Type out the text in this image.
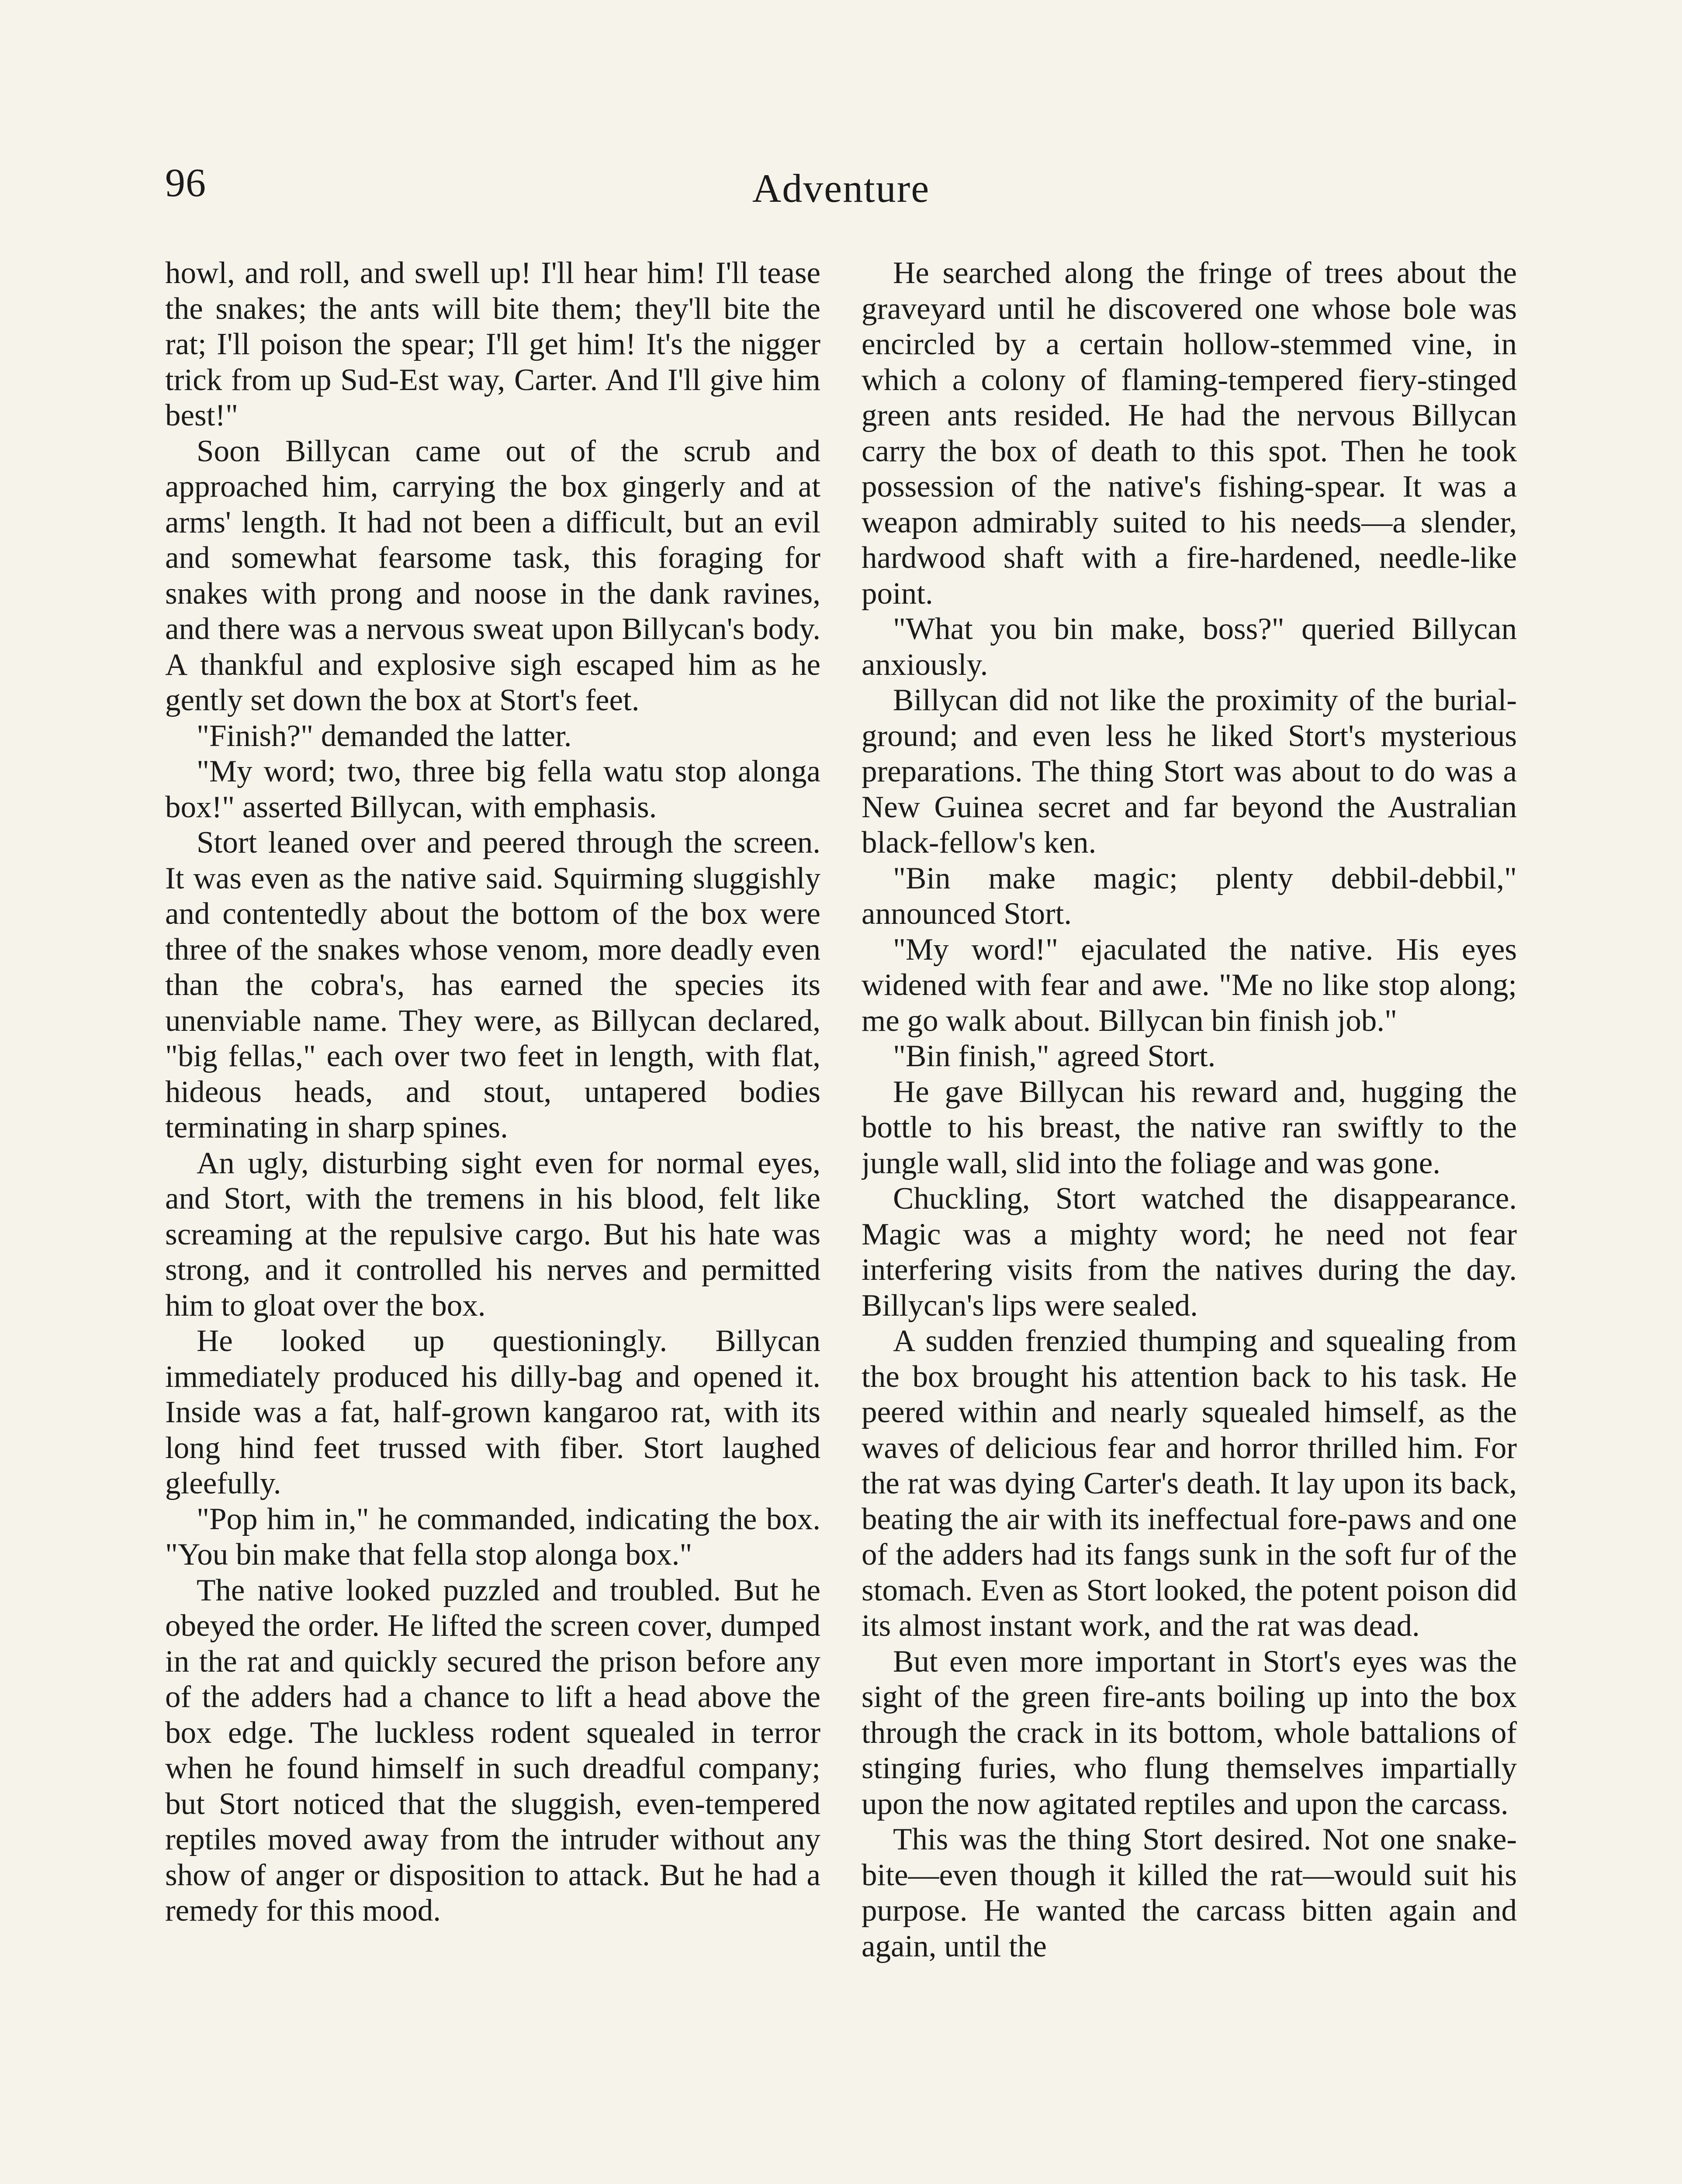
96	Adventure

howl, and roll, and swell up! I'll hear him! I'll tease the snakes; the ants will bite them; they'll bite the rat; I'll poison the spear; I'll get him! It's the nigger trick from up Sud-Est way, Carter. And I'll give him best!"

Soon Billycan came out of the scrub and approached him, carrying the box gingerly and at arms' length. It had not been a difficult, but an evil and somewhat fearsome task, this foraging for snakes with prong and noose in the dank ravines, and there was a nervous sweat upon Billycan's body. A thankful and explosive sigh escaped him as he gently set down the box at Stort's feet.

"Finish?" demanded the latter.

"My word; two, three big fella watu stop alonga box!" asserted Billycan, with emphasis.

Stort leaned over and peered through the screen. It was even as the native said. Squirming sluggishly and contentedly about the bottom of the box were three of the snakes whose venom, more deadly even than the cobra's, has earned the species its unenviable name. They were, as Billycan declared, "big fellas," each over two feet in length, with flat, hideous heads, and stout, untapered bodies terminating in sharp spines.

An ugly, disturbing sight even for normal eyes, and Stort, with the tremens in his blood, felt like screaming at the repulsive cargo. But his hate was strong, and it controlled his nerves and permitted him to gloat over the box.

He looked up questioningly. Billycan immediately produced his dilly-bag and opened it. Inside was a fat, half-grown kangaroo rat, with its long hind feet trussed with fiber. Stort laughed gleefully.

"Pop him in," he commanded, indicating the box. "You bin make that fella stop alonga box."

The native looked puzzled and troubled. But he obeyed the order. He lifted the screen cover, dumped in the rat and quickly secured the prison before any of the adders had a chance to lift a head above the box edge. The luckless rodent squealed in terror when he found himself in such dreadful company; but Stort noticed that the sluggish, even-tempered reptiles moved away from the intruder without any show of anger or disposition to attack. But he had a remedy for this mood.

He searched along the fringe of trees about the graveyard until he discovered one whose bole was encircled by a certain hollow-stemmed vine, in which a colony of flaming-tempered fiery-stinged green ants resided. He had the nervous Billycan carry the box of death to this spot. Then he took possession of the native's fishing-spear. It was a weapon admirably suited to his needs—a slender, hardwood shaft with a fire-hardened, needle-like point.

"What you bin make, boss?" queried Billycan anxiously.

Billycan did not like the proximity of the burial-ground; and even less he liked Stort's mysterious preparations. The thing Stort was about to do was a New Guinea secret and far beyond the Australian black-fellow's ken.

"Bin make magic; plenty debbil-debbil," announced Stort.

"My word!" ejaculated the native. His eyes widened with fear and awe. "Me no like stop along; me go walk about. Billycan bin finish job."

"Bin finish," agreed Stort.

He gave Billycan his reward and, hugging the bottle to his breast, the native ran swiftly to the jungle wall, slid into the foliage and was gone.

Chuckling, Stort watched the disappearance. Magic was a mighty word; he need not fear interfering visits from the natives during the day. Billycan's lips were sealed.

A sudden frenzied thumping and squealing from the box brought his attention back to his task. He peered within and nearly squealed himself, as the waves of delicious fear and horror thrilled him. For the rat was dying Carter's death. It lay upon its back, beating the air with its ineffectual fore-paws and one of the adders had its fangs sunk in the soft fur of the stomach. Even as Stort looked, the potent poison did its almost instant work, and the rat was dead.

But even more important in Stort's eyes was the sight of the green fire-ants boiling up into the box through the crack in its bottom, whole battalions of stinging furies, who flung themselves impartially upon the now agitated reptiles and upon the carcass.

This was the thing Stort desired. Not one snake-bite—even though it killed the rat—would suit his purpose. He wanted the carcass bitten again and again, until the
